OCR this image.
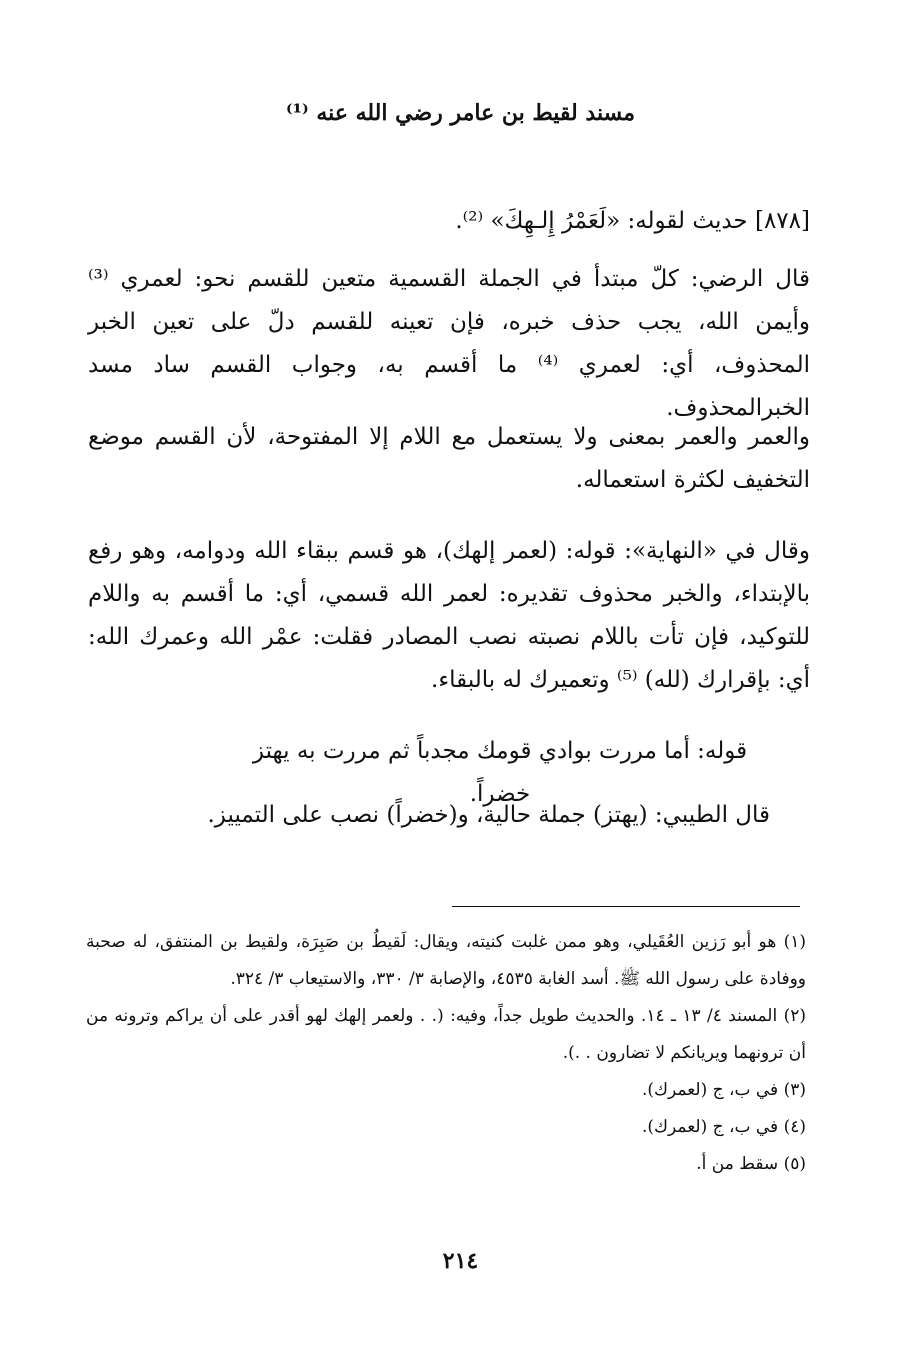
مسند لقيط بن عامر رضي الله عنه ⁽¹⁾
[٨٧٨] حديث لقوله: «لَعَمْرُ إِلـهِكَ» ⁽²⁾.
قال الرضي: كلّ مبتدأ في الجملة القسمية متعين للقسم نحو: لعمري ⁽³⁾ وأيمن الله، يجب حذف خبره، فإن تعينه للقسم دلّ على تعين الخبر المحذوف، أي: لعمري ⁽⁴⁾ ما أقسم به، وجواب القسم ساد مسد الخبرالمحذوف.
والعمر والعمر بمعنى ولا يستعمل مع اللام إلا المفتوحة، لأن القسم موضع التخفيف لكثرة استعماله.
وقال في «النهاية»: قوله: (لعمر إلهك)، هو قسم ببقاء الله ودوامه، وهو رفع بالإبتداء، والخبر محذوف تقديره: لعمر الله قسمي، أي: ما أقسم به واللام للتوكيد، فإن تأت باللام نصبته نصب المصادر فقلت: عمْر الله وعمرك الله: أي: بإقرارك (لله) ⁽⁵⁾ وتعميرك له بالبقاء.
قوله: أما مررت بوادي قومك مجدباً ثم مررت به يهتز خضراً.
قال الطيبي: (يهتز) جملة حالية، و(خضراً) نصب على التمييز.
(١) هو أبو رَزين العُقَيلي، وهو ممن غلبت كنيته، ويقال: لَقيطُ بن صَبِرَة، ولقيط بن المنتفق، له صحبة ووفادة على رسول الله ﷺ. أسد الغابة ٤٥٣٥، والإصابة ٣/ ٣٣٠، والاستيعاب ٣/ ٣٢٤.
(٢) المسند ٤/ ١٣ ـ ١٤. والحديث طويل جداً، وفيه: (. . ولعمر إلهك لهو أقدر على أن يراكم وترونه من أن ترونهما ويريانكم لا تضارون . .).
(٣) في ب، ج (لعمرك).
(٤) في ب، ج (لعمرك).
(٥) سقط من أ.
٢١٤
